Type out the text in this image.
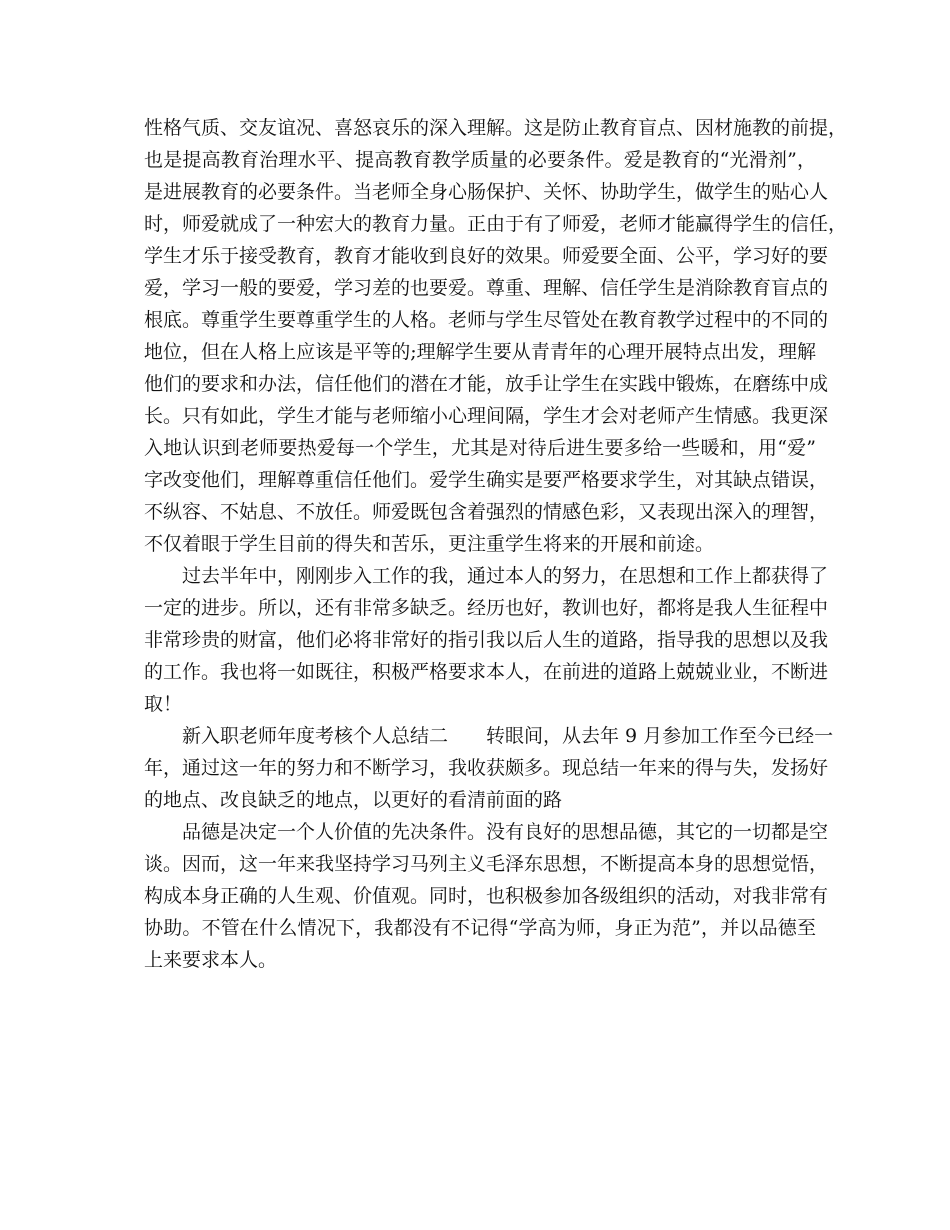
性格气质、交友谊况、喜怒哀乐的深入理解。这是防止教育盲点、因材施教的前提，
也是提高教育治理水平、提高教育教学质量的必要条件。爱是教育的“光滑剂”，
是进展教育的必要条件。当老师全身心肠保护、关怀、协助学生，做学生的贴心人
时，师爱就成了一种宏大的教育力量。正由于有了师爱，老师才能赢得学生的信任，
学生才乐于接受教育，教育才能收到良好的效果。师爱要全面、公平，学习好的要
爱，学习一般的要爱，学习差的也要爱。尊重、理解、信任学生是消除教育盲点的
根底。尊重学生要尊重学生的人格。老师与学生尽管处在教育教学过程中的不同的
地位，但在人格上应该是平等的;理解学生要从青青年的心理开展特点出发，理解
他们的要求和办法，信任他们的潜在才能，放手让学生在实践中锻炼，在磨练中成
长。只有如此，学生才能与老师缩小心理间隔，学生才会对老师产生情感。我更深
入地认识到老师要热爱每一个学生，尤其是对待后进生要多给一些暖和，用“爱”
字改变他们，理解尊重信任他们。爱学生确实是要严格要求学生，对其缺点错误，
不纵容、不姑息、不放任。师爱既包含着强烈的情感色彩，又表现出深入的理智，
不仅着眼于学生目前的得失和苦乐，更注重学生将来的开展和前途。
过去半年中，刚刚步入工作的我，通过本人的努力，在思想和工作上都获得了
一定的进步。所以，还有非常多缺乏。经历也好，教训也好，都将是我人生征程中
非常珍贵的财富，他们必将非常好的指引我以后人生的道路，指导我的思想以及我
的工作。我也将一如既往，积极严格要求本人，在前进的道路上兢兢业业，不断进
取！
新入职老师年度考核个人总结二　　转眼间，从去年 9 月参加工作至今已经一
年，通过这一年的努力和不断学习，我收获颇多。现总结一年来的得与失，发扬好
的地点、改良缺乏的地点，以更好的看清前面的路
品德是决定一个人价值的先决条件。没有良好的思想品德，其它的一切都是空
谈。因而，这一年来我坚持学习马列主义毛泽东思想，不断提高本身的思想觉悟，
构成本身正确的人生观、价值观。同时，也积极参加各级组织的活动，对我非常有
协助。不管在什么情况下，我都没有不记得“学高为师，身正为范”，并以品德至
上来要求本人。
